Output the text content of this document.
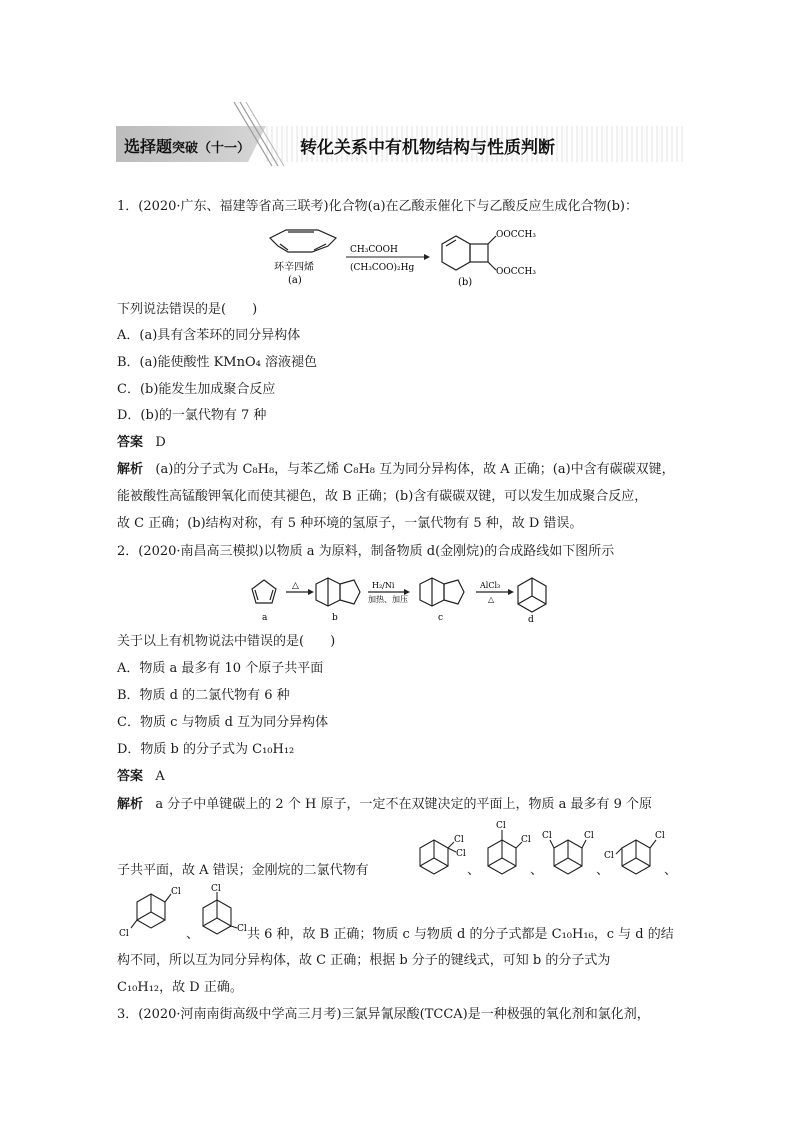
选择题突破（十一）	转化关系中有机物结构与性质判断
1．(2020·广东、福建等省高三联考)化合物(a)在乙酸汞催化下与乙酸反应生成化合物(b)：
环辛四烯
(a)
CH₃COOH
(CH₃COO)₂Hg
OOCCH₃
OOCCH₃
(b)
下列说法错误的是(　　)
A．(a)具有含苯环的同分异构体
B．(a)能使酸性 KMnO₄ 溶液褪色
C．(b)能发生加成聚合反应
D．(b)的一氯代物有 7 种
答案 D
解析 (a)的分子式为 C₈H₈，与苯乙烯 C₈H₈ 互为同分异构体，故 A 正确；(a)中含有碳碳双键，
能被酸性高锰酸钾氧化而使其褪色，故 B 正确；(b)含有碳碳双键，可以发生加成聚合反应，
故 C 正确；(b)结构对称，有 5 种环境的氢原子，一氯代物有 5 种，故 D 错误。
2．(2020·南昌高三模拟)以物质 a 为原料，制备物质 d(金刚烷)的合成路线如下图所示
△	H₂/Ni
加热、加压
AlCl₃
△
a	b	c	d
关于以上有机物说法中错误的是(　　)
A．物质 a 最多有 10 个原子共平面
B．物质 d 的二氯代物有 6 种
C．物质 c 与物质 d 互为同分异构体
D．物质 b 的分子式为 C₁₀H₁₂
答案 A
解析 a 分子中单键碳上的 2 个 H 原子，一定不在双键决定的平面上，物质 a 最多有 9 个原
子共平面，故 A 错误；金刚烷的二氯代物有
Cl
Cl
Cl
Cl Cl	Cl	Cl
Cl
、	、	、	、
Cl
Cl
Cl
Cl
、	共 6 种，故 B 正确；物质 c 与物质 d 的分子式都是 C₁₀H₁₆，c 与 d 的结
构不同，所以互为同分异构体，故 C 正确；根据 b 分子的键线式，可知 b 的分子式为
C₁₀H₁₂，故 D 正确。
3．(2020·河南南街高级中学高三月考)三氯异氰尿酸(TCCA)是一种极强的氧化剂和氯化剂，
